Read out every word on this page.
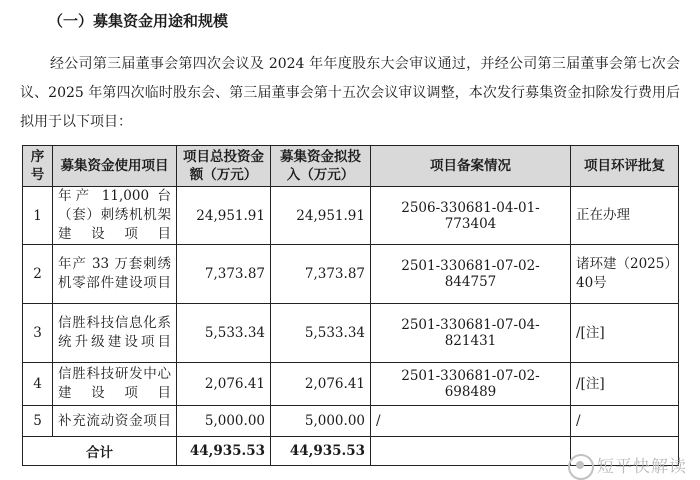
（一）募集资金用途和规模
经公司第三届董事会第四次会议及 2024 年年度股东大会审议通过，并经公司第三届董事会第七次会议、2025 年第四次临时股东会、第三届董事会第十五次会议审议调整，本次发行募集资金扣除发行费用后拟用于以下项目：
序号	募集资金使用项目	项目总投资金额（万元）	募集资金拟投入（万元）	项目备案情况	项目环评批复
1	年产 11,000 台（套）刺绣机机架建设项目	24,951.91	24,951.91	2506-330681-04-01-773404	正在办理
2	年产 33 万套刺绣机零部件建设项目	7,373.87	7,373.87	2501-330681-07-02-844757	诸环建（2025）40号
3	信胜科技信息化系统升级建设项目	5,533.34	5,533.34	2501-330681-07-04-821431	/[注]
4	信胜科技研发中心建设项目	2,076.41	2,076.41	2501-330681-07-02-698489	/[注]
5	补充流动资金项目	5,000.00	5,000.00	/	/
合计		44,935.53	44,935.53		
短平快解读
